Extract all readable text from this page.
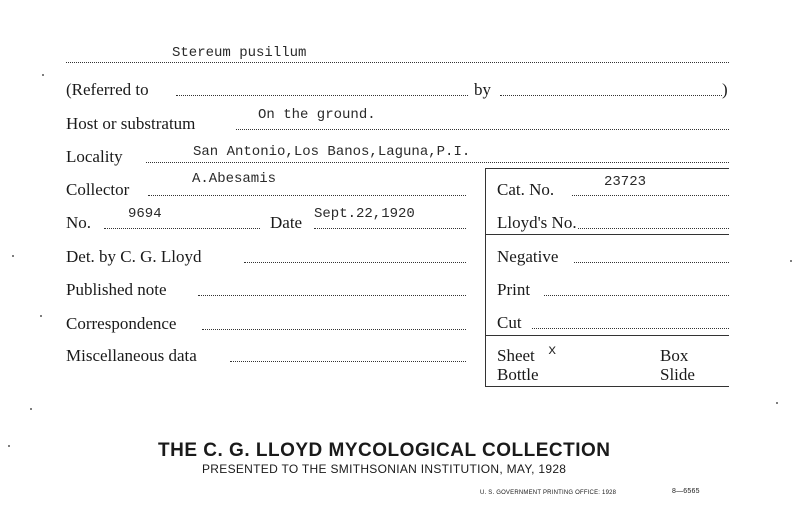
Stereum pusillum
(Referred to	by	)
Host or substratum	On the ground.
Locality	San Antonio,Los Banos,Laguna,P.I.
Collector
A.Abesamis
No.	9694	Date Sept.22,1920
Det. by C. G. Lloyd
Published note
Correspondence
Miscellaneous data
Cat. No.	23723
Lloyd's No.
Negative
Print
Cut
Sheet x	Box
Bottle	Slide
THE C. G. LLOYD MYCOLOGICAL COLLECTION
PRESENTED TO THE SMITHSONIAN INSTITUTION, MAY, 1928
U. S. GOVERNMENT PRINTING OFFICE: 1928	8—6565
